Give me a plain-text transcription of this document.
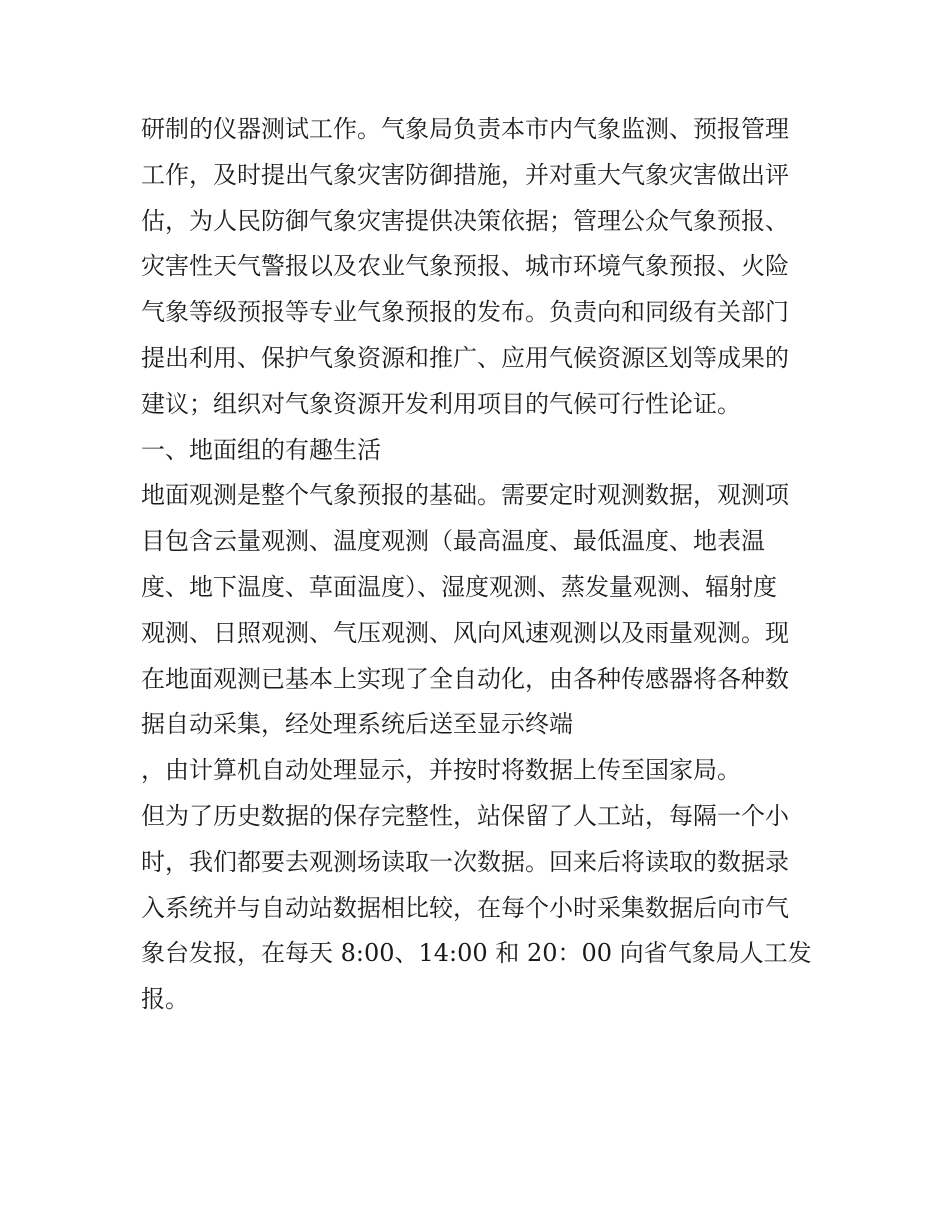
研制的仪器测试工作。气象局负责本市内气象监测、预报管理
工作，及时提出气象灾害防御措施，并对重大气象灾害做出评
估，为人民防御气象灾害提供决策依据；管理公众气象预报、
灾害性天气警报以及农业气象预报、城市环境气象预报、火险
气象等级预报等专业气象预报的发布。负责向和同级有关部门
提出利用、保护气象资源和推广、应用气候资源区划等成果的
建议；组织对气象资源开发利用项目的气候可行性论证。
一、地面组的有趣生活
地面观测是整个气象预报的基础。需要定时观测数据，观测项
目包含云量观测、温度观测（最高温度、最低温度、地表温
度、地下温度、草面温度）、湿度观测、蒸发量观测、辐射度
观测、日照观测、气压观测、风向风速观测以及雨量观测。现
在地面观测已基本上实现了全自动化，由各种传感器将各种数
据自动采集，经处理系统后送至显示终端
，由计算机自动处理显示，并按时将数据上传至国家局。
但为了历史数据的保存完整性，站保留了人工站，每隔一个小
时，我们都要去观测场读取一次数据。回来后将读取的数据录
入系统并与自动站数据相比较，在每个小时采集数据后向市气
象台发报，在每天 8:00、14:00 和 20：00 向省气象局人工发
报。
